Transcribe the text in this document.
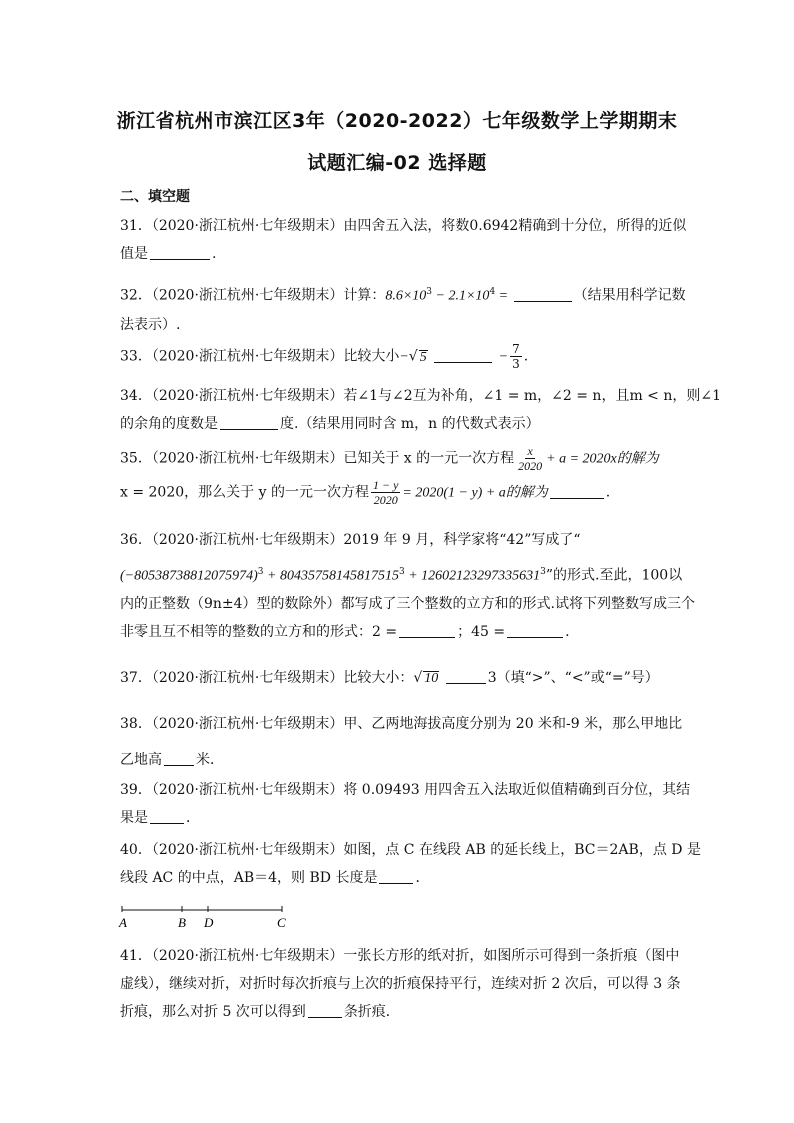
浙江省杭州市滨江区3年（2020-2022）七年级数学上学期期末
试题汇编-02 选择题
二、填空题
31．（2020·浙江杭州·七年级期末）由四舍五入法，将数0.6942精确到十分位，所得的近似
值是	.
32．（2020·浙江杭州·七年级期末）计算：$8.6\times 10^3 - 2.1\times 10^4$ =	（结果用科学记数
法表示）.
33．（2020·浙江杭州·七年级期末）比较大小−√ 5	− $\frac{7}{3}$ .
34．（2020·浙江杭州·七年级期末）若∠1与∠2互为补角，∠1 = m，∠2 = n，且m < n，则∠1
的余角的度数是	度.（结果用同时含 m，n 的代数式表示）
35．（2020·浙江杭州·七年级期末）已知关于 x 的一元一次方程 $\frac{x}{2020} + a = 2020x$的解为
x = 2020，那么关于 y 的一元一次方程 $\frac{1 - y}{2020} = 2020(1 - y) + a$的解为	.
36．（2020·浙江杭州·七年级期末）2019 年 9 月，科学家将“42”写成了“
$(-80538738812075974)^3 + 80435758145817515^3 + 12602123297335631^3$”的形式.至此，100以
内的正整数（9n±4）型的数除外）都写成了三个整数的立方和的形式.试将下列整数写成三个
非零且互不相等的整数的立方和的形式：2 =	；45 =	.
37．（2020·浙江杭州·七年级期末）比较大小：√ 10	3（填“>”、“<”或“=”号）
38．（2020·浙江杭州·七年级期末）甲、乙两地海拔高度分别为 20 米和-9 米，那么甲地比
乙地高 米．
39．（2020·浙江杭州·七年级期末）将 0.09493 用四舍五入法取近似值精确到百分位，其结
果是	．
40．（2020·浙江杭州·七年级期末）如图，点 C 在线段 AB 的延长线上，BC＝2AB，点 D 是
线段 AC 的中点，AB＝4，则 BD 长度是	．
A	B D	C
41．（2020·浙江杭州·七年级期末）一张长方形的纸对折，如图所示可得到一条折痕（图中
虚线），继续对折，对折时每次折痕与上次的折痕保持平行，连续对折 2 次后，可以得 3 条
折痕，那么对折 5 次可以得到	条折痕．
